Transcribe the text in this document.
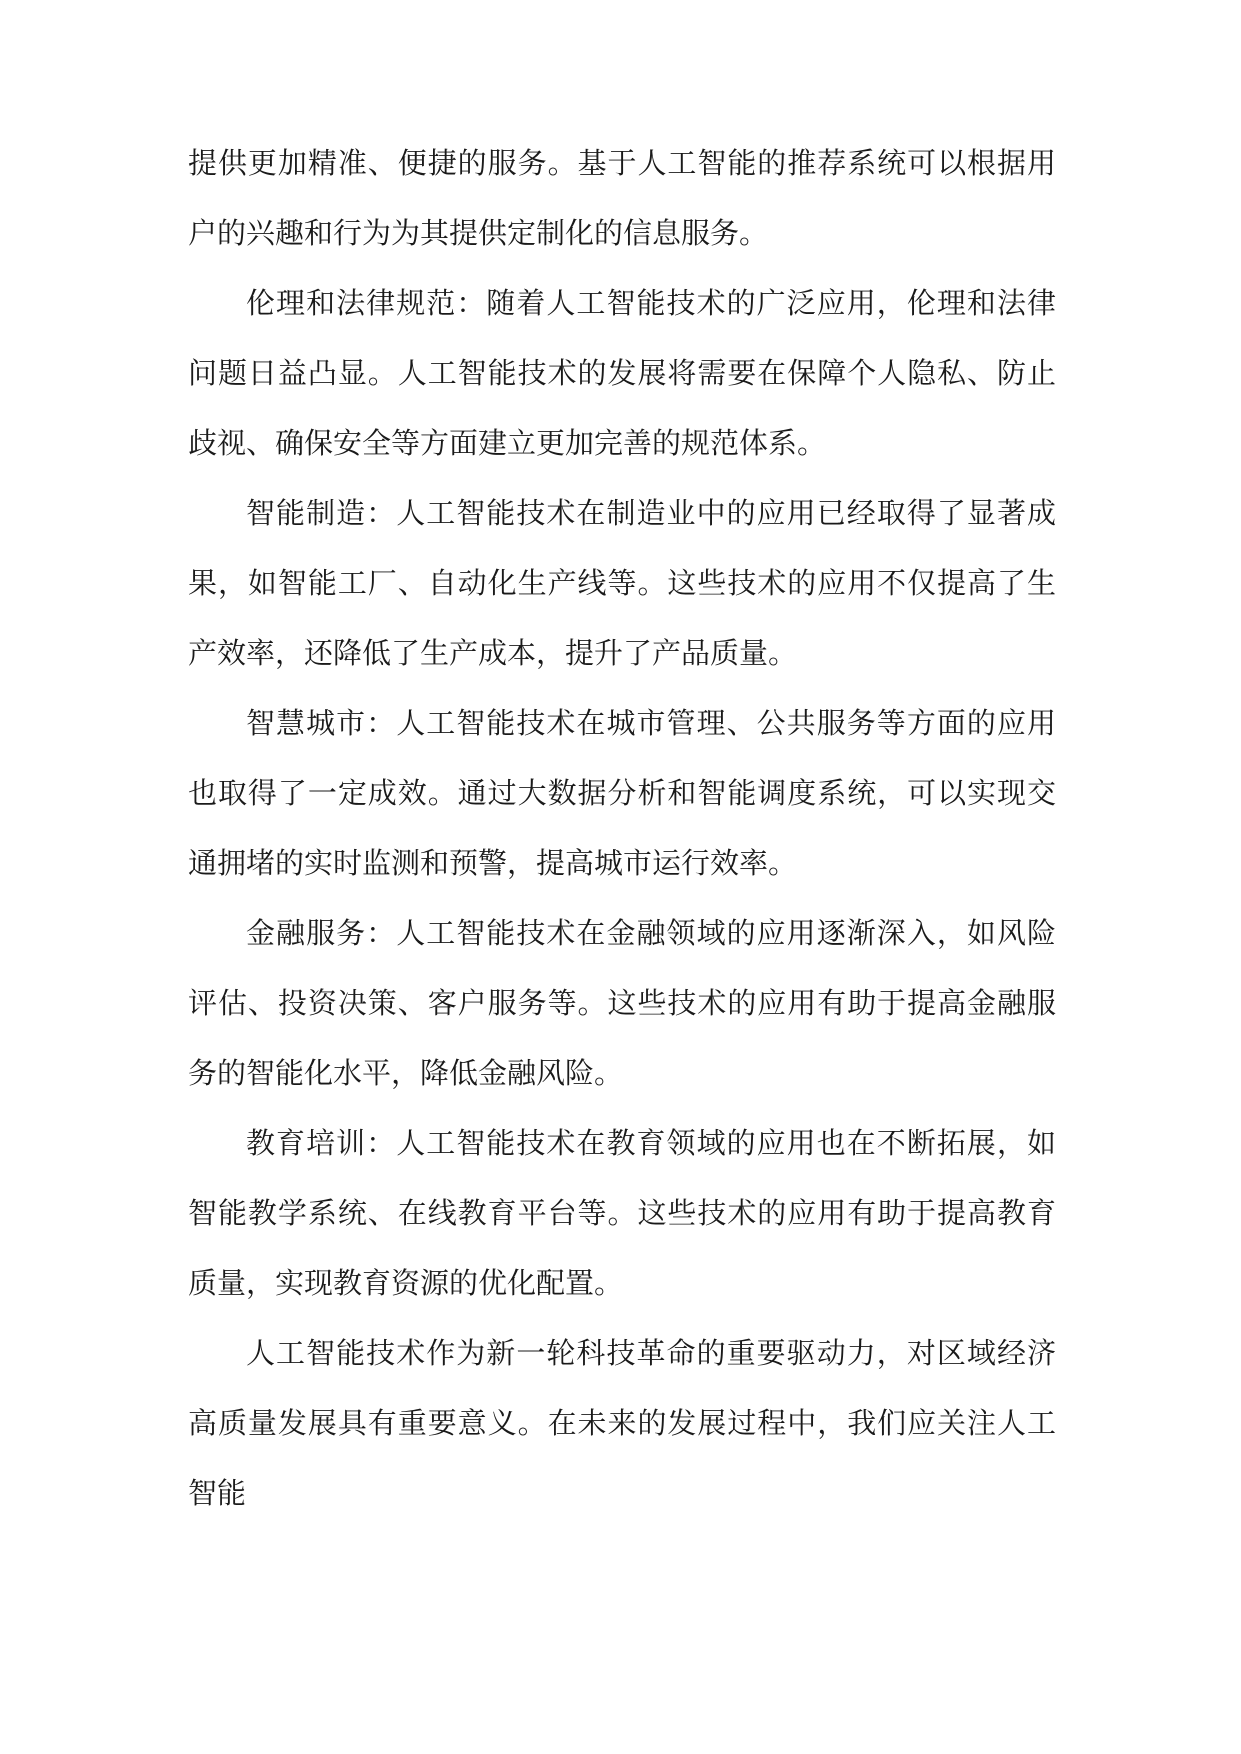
提供更加精准、便捷的服务。基于人工智能的推荐系统可以根据用户的兴趣和行为为其提供定制化的信息服务。

伦理和法律规范：随着人工智能技术的广泛应用，伦理和法律问题日益凸显。人工智能技术的发展将需要在保障个人隐私、防止歧视、确保安全等方面建立更加完善的规范体系。

智能制造：人工智能技术在制造业中的应用已经取得了显著成果，如智能工厂、自动化生产线等。这些技术的应用不仅提高了生产效率，还降低了生产成本，提升了产品质量。

智慧城市：人工智能技术在城市管理、公共服务等方面的应用也取得了一定成效。通过大数据分析和智能调度系统，可以实现交通拥堵的实时监测和预警，提高城市运行效率。

金融服务：人工智能技术在金融领域的应用逐渐深入，如风险评估、投资决策、客户服务等。这些技术的应用有助于提高金融服务的智能化水平，降低金融风险。

教育培训：人工智能技术在教育领域的应用也在不断拓展，如智能教学系统、在线教育平台等。这些技术的应用有助于提高教育质量，实现教育资源的优化配置。

人工智能技术作为新一轮科技革命的重要驱动力，对区域经济高质量发展具有重要意义。在未来的发展过程中，我们应关注人工智能
